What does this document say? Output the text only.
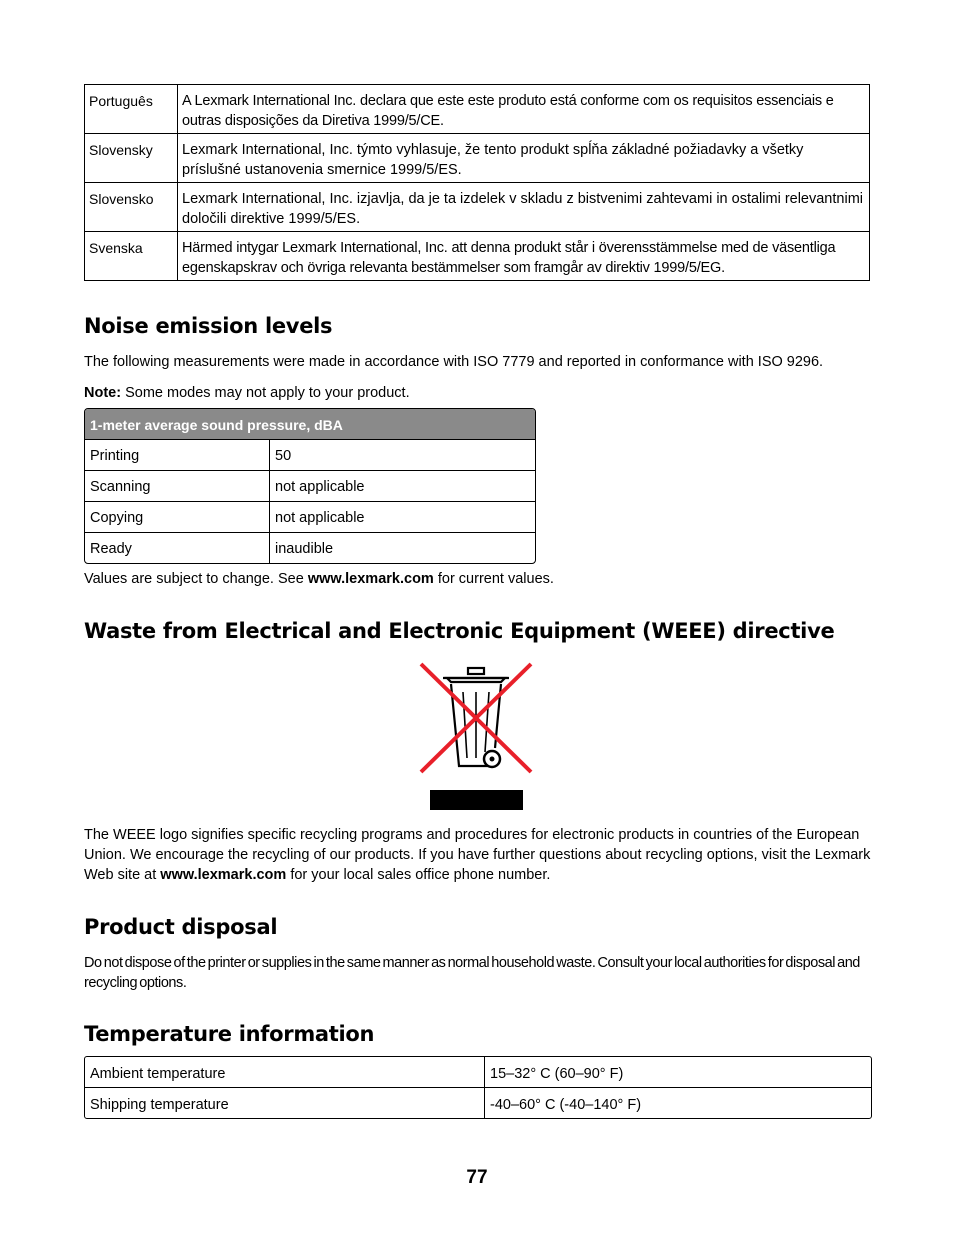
Português	A Lexmark International Inc. declara que este este produto está conforme com os requisitos essenciais e outras disposições da Diretiva 1999/5/CE.
Slovensky	Lexmark International, Inc. týmto vyhlasuje, že tento produkt spĺňa základné požiadavky a všetky príslušné ustanovenia smernice 1999/5/ES.
Slovensko	Lexmark International, Inc. izjavlja, da je ta izdelek v skladu z bistvenimi zahtevami in ostalimi relevantnimi določili direktive 1999/5/ES.
Svenska	Härmed intygar Lexmark International, Inc. att denna produkt står i överensstämmelse med de väsentliga egenskapskrav och övriga relevanta bestämmelser som framgår av direktiv 1999/5/EG.
Noise emission levels

The following measurements were made in accordance with ISO 7779 and reported in conformance with ISO 9296.

Note: Some modes may not apply to your product.

1-meter average sound pressure, dBA
Printing	50
Scanning	not applicable
Copying	not applicable
Ready	inaudible

Values are subject to change. See www.lexmark.com for current values.

Waste from Electrical and Electronic Equipment (WEEE) directive

The WEEE logo signifies specific recycling programs and procedures for electronic products in countries of the European Union. We encourage the recycling of our products. If you have further questions about recycling options, visit the Lexmark Web site at www.lexmark.com for your local sales office phone number.

Product disposal

Do not dispose of the printer or supplies in the same manner as normal household waste. Consult your local authorities for disposal and recycling options.

Temperature information
Ambient temperature	15–32° C (60–90° F)
Shipping temperature	-40–60° C (-40–140° F)
77
